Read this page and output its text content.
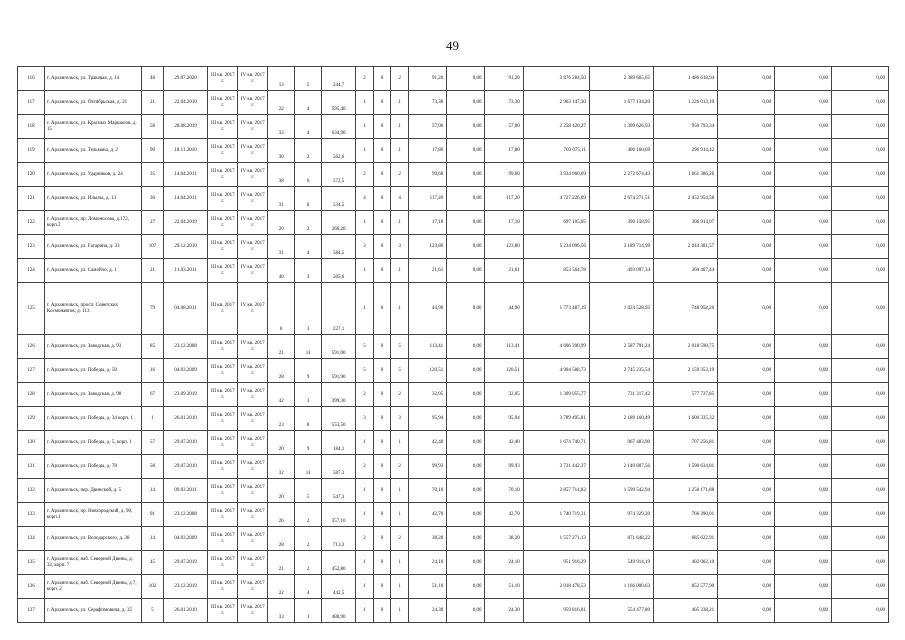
49
116	г. Архангельск, ул. Тракевая, д. 14	48	29.07.2020	III кв. 2017 г.	IV кв. 2017 г.	13	5	244,7	2	0	2	91,20	0,00	91,20	3 876 284,50	2 389 665,65	1 486 618,94	0,00	0,00	0,00
117	г. Архангельск, ул. Октябрьская, д. 21	21	22.04.2010	III кв. 2017 г.	IV кв. 2017 г.	22	4	595,40	1	0	1	73,30	0,00	73,30	2 903 147,30	1 677 134,20	1 226 013,10	0,00	0,00	0,00
118	г. Архангельск, ул. Красных Маршалов, д. 15	58	28.08.2019	III кв. 2017 г.	IV кв. 2017 г.	33	4	634,90	1	0	1	57,00	0,00	57,00	2 258 420,27	1 309 626,93	950 793,34	0,00	0,00	0,00
119	г. Архангельск, ул. Тельмана, д. 2	90	18.11.2010	III кв. 2017 г.	IV кв. 2017 г.	30	2	562,6	1	0	1	17,80	0,00	17,80	703 075,11	406 160,69	296 914,42	0,00	0,00	0,00
120	г. Архангельск, ул. Ударников, д. 24	35	14.04.2011	III кв. 2017 г.	IV кв. 2017 г.	38	6	572,5	2	0	2	99,60	0,00	99,60	3 934 060,69	2 272 674,43	1 661 386,26	0,00	0,00	0,00
121	г. Архангельск, ул. Ильича, д. 13	36	14.04.2011	III кв. 2017 г.	IV кв. 2017 г.	31	8	534,5	4	0	4	117,20	0,00	117,20	4 727 226,09	2 674 271,51	2 052 954,58	0,00	0,00	0,00
122	г. Архангельск, пр. Ломоносова, д.172, корп.2	27	22.04.2019	III кв. 2017 г.	IV кв. 2017 г.	20	2	366,20	1	0	1	17,10	0,00	17,10	697 105,05	390 158,95	306 914,07	0,00	0,00	0,00
123	г. Архангельск, ул. Гагарина, д. 33	107	29.12.2010	III кв. 2017 г.	IV кв. 2017 г.	31	4	584,5	3	0	3	123,80	0,00	123,80	5 234 096,56	3 189 714,99	2 044 381,57	0,00	0,00	0,00
124	г. Архангельск, ул. Самойло, д. 1	21	11.03.2011	III кв. 2017 г.	IV кв. 2017 г.	40	3	505,6	1	0	1	21,61	0,00	21,61	853 564,78	493 097,34	360 467,44	0,00	0,00	0,00
125	г. Архангельск, просп. Советских Космонавтов, д. 113	79	04.08.2011	III кв. 2017 г.	IV кв. 2017 г.	8	3	227,1	1	0	1	44,90	0,00	44,90	1 773 487,19	1 024 528,93	748 958,26	0,00	0,00	0,00
126	г. Архангельск, ул. Заводская, д. 93	85	23.12.2008	III кв. 2017 г.	IV кв. 2017 г.	21	11	591,00	5	0	5	113,41	0,00	113,41	4 606 390,99	2 587 791,24	2 018 590,75	0,00	0,00	0,00
127	г. Архангельск, ул. Победы, д. 58	16	04.03.2009	III кв. 2017 г.	IV кв. 2017 г.	28	9	591,90	5	0	5	120,51	0,00	120,51	4 904 588,73	2 745 235,54	2 159 353,19	0,00	0,00	0,00
128	г. Архангельск, ул. Заводская, д. 98	67	23.09.2019	III кв. 2017 г.	IV кв. 2017 г.	42	3	399,30	2	0	2	32,05	0,00	32,05	1 309 055,77	731 317,42	577 737,85	0,00	0,00	0,00
129	г. Архангельск, ул. Победы, д. 34 корп. 1	1	26.01.2010	III кв. 2017 г.	IV кв. 2017 г.	23	8	553,50	3	0	3	95,94	0,00	95,94	3 789 495,81	2 189 160,49	1 600 335,32	0,00	0,00	0,00
130	г. Архангельск, ул. Победы, д. 5, корп. 1	57	29.07.2010	III кв. 2017 г.	IV кв. 2017 г.	20	9	184,1	1	0	1	42,40	0,00	42,40	1 674 740,71	967 483,90	707 256,81	0,00	0,00	0,00
131	г. Архангельск, ул. Победы, д. 78	58	29.07.2010	III кв. 2017 г.	IV кв. 2017 г.	32	11	587,3	2	0	2	99,93	0,00	99,93	3 731 442,37	2 140 807,56	1 590 634,81	0,00	0,00	0,00
132	г. Архангельск, пер. Двинской, д. 5	14	09.02.2011	III кв. 2017 г.	IV кв. 2017 г.	20	5	547,3	1	0	1	70,10	0,00	70,10	2 857 714,82	1 599 542,94	1 258 171,88	0,00	0,00	0,00
133	г. Архангельск, пр. Новгородский, д. 90, корп.1	91	23.12.2008	III кв. 2017 г.	IV кв. 2017 г.	26	2	357,10	1	0	1	42,70	0,00	42,70	1 740 719,31	974 329,30	766 390,01	0,00	0,00	0,00
134	г. Архангельск, ул. Володарского, д. 38	14	04.03.2009	III кв. 2017 г.	IV кв. 2017 г.	28	2	713,3	2	0	2	38,20	0,00	38,20	1 557 271,13	871 648,22	685 622,91	0,00	0,00	0,00
135	г. Архангельск, наб. Северной Двины, д. 32, корп. 7	45	29.07.2019	III кв. 2017 г.	IV кв. 2017 г.	21	2	452,80	1	0	1	24,10	0,00	24,10	951 916,29	549 914,19	402 002,10	0,00	0,00	0,00
136	г. Архангельск, наб. Северной Двины, д 7, корп. 2	102	23.12.2019	III кв. 2017 г.	IV кв. 2017 г.	22	4	442,5	1	0	1	51,10	0,00	51,10	2 018 478,53	1 166 000,63	852 577,90	0,00	0,00	0,00
137	г. Архангельск, ул. Серафимовича, д. 35	5	26.01.2010	III кв. 2017 г.	IV кв. 2017 г.	33	1	480,90	1	0	1	24,30	0,00	24,30	959 816,01	554 477,80	405 338,21	0,00	0,00	0,00
